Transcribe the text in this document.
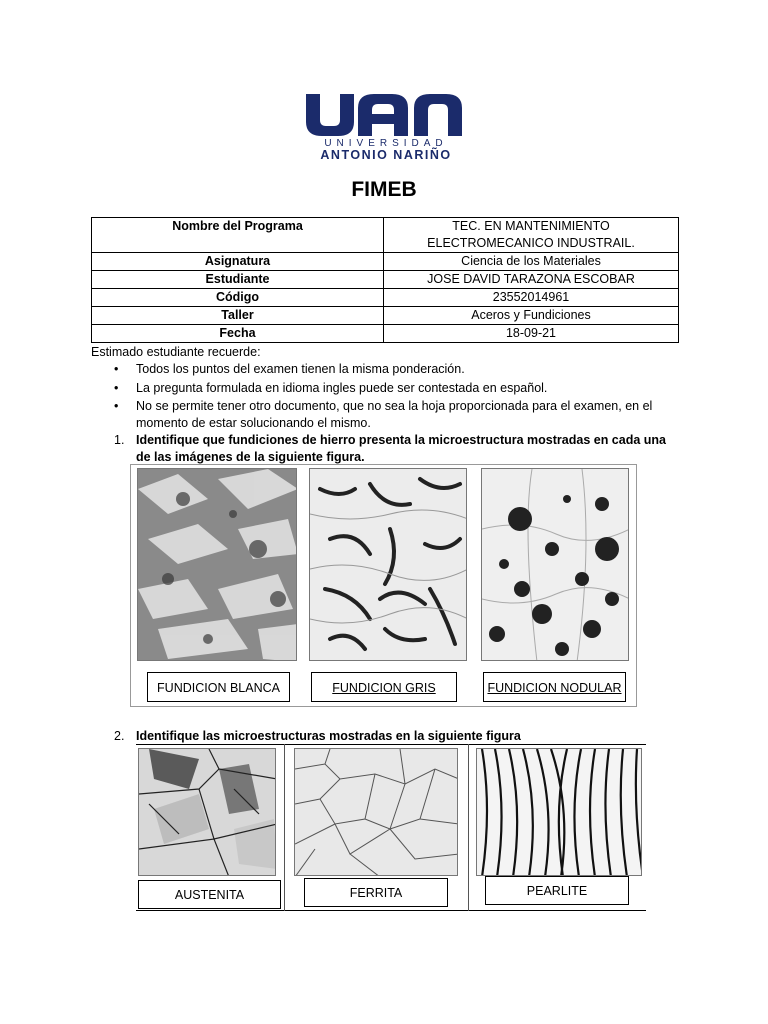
UNIVERSIDAD
ANTONIO NARIÑO
FIMEB
Nombre del Programa	TEC. EN MANTENIMIENTO ELECTROMECANICO INDUSTRAIL.
Asignatura	Ciencia de los Materiales
Estudiante	JOSE DAVID TARAZONA ESCOBAR
Código	23552014961
Taller	Aceros y Fundiciones
Fecha	18-09-21
Estimado estudiante recuerde:
• Todos los puntos del examen tienen la misma ponderación.
• La pregunta formulada en idioma ingles puede ser contestada en español.
• No se permite tener otro documento, que no sea la hoja proporcionada para el examen, en el momento de estar solucionando el mismo.
1. Identifique que fundiciones de hierro presenta la microestructura mostradas en cada una de las imágenes de la siguiente figura.
FUNDICION BLANCA	FUNDICION GRIS	FUNDICION NODULAR
2. Identifique las microestructuras mostradas en la siguiente figura
AUSTENITA	FERRITA	PEARLITE
